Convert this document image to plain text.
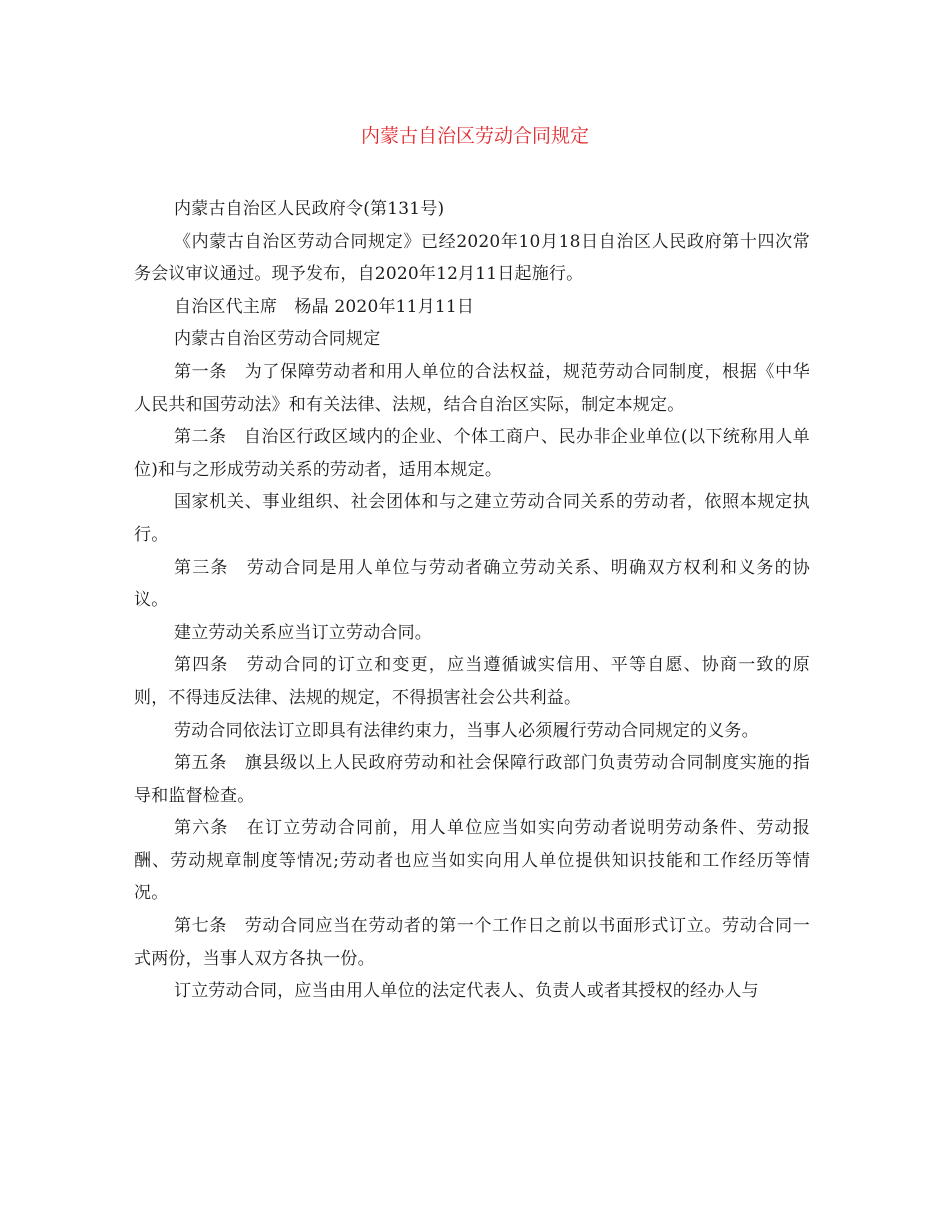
内蒙古自治区劳动合同规定

内蒙古自治区人民政府令(第131号)

《内蒙古自治区劳动合同规定》已经2020年10月18日自治区人民政府第十四次常务会议审议通过。现予发布，自2020年12月11日起施行。

自治区代主席　杨晶 2020年11月11日

内蒙古自治区劳动合同规定

第一条　为了保障劳动者和用人单位的合法权益，规范劳动合同制度，根据《中华人民共和国劳动法》和有关法律、法规，结合自治区实际，制定本规定。

第二条　自治区行政区域内的企业、个体工商户、民办非企业单位(以下统称用人单位)和与之形成劳动关系的劳动者，适用本规定。

国家机关、事业组织、社会团体和与之建立劳动合同关系的劳动者，依照本规定执行。

第三条　劳动合同是用人单位与劳动者确立劳动关系、明确双方权利和义务的协议。

建立劳动关系应当订立劳动合同。

第四条　劳动合同的订立和变更，应当遵循诚实信用、平等自愿、协商一致的原则，不得违反法律、法规的规定，不得损害社会公共利益。

劳动合同依法订立即具有法律约束力，当事人必须履行劳动合同规定的义务。

第五条　旗县级以上人民政府劳动和社会保障行政部门负责劳动合同制度实施的指导和监督检查。

第六条　在订立劳动合同前，用人单位应当如实向劳动者说明劳动条件、劳动报酬、劳动规章制度等情况;劳动者也应当如实向用人单位提供知识技能和工作经历等情况。

第七条　劳动合同应当在劳动者的第一个工作日之前以书面形式订立。劳动合同一式两份，当事人双方各执一份。

订立劳动合同，应当由用人单位的法定代表人、负责人或者其授权的经办人与
